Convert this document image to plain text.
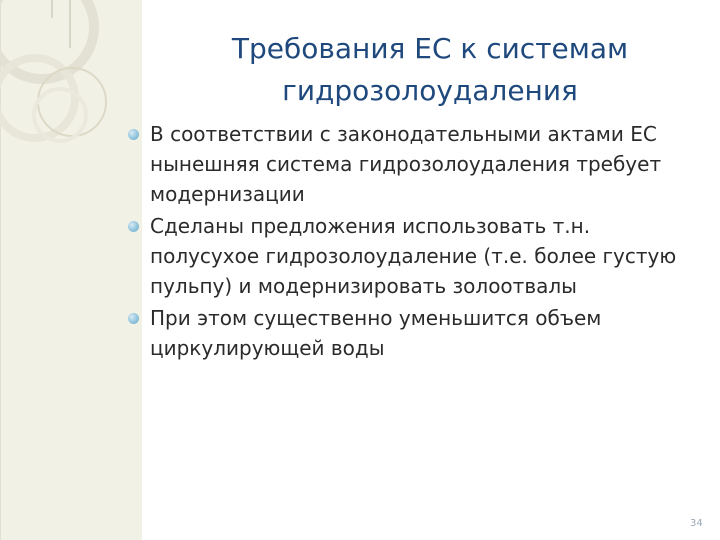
Требования ЕС к системам
гидрозолоудаления
В соответствии с законодательными актами ЕС нынешняя система гидрозолоудаления требует модернизации
Сделаны предложения использовать т.н. полусухое гидрозолоудаление (т.е. более густую пульпу) и модернизировать золоотвалы
При этом существенно уменьшится объем циркулирующей воды
34
